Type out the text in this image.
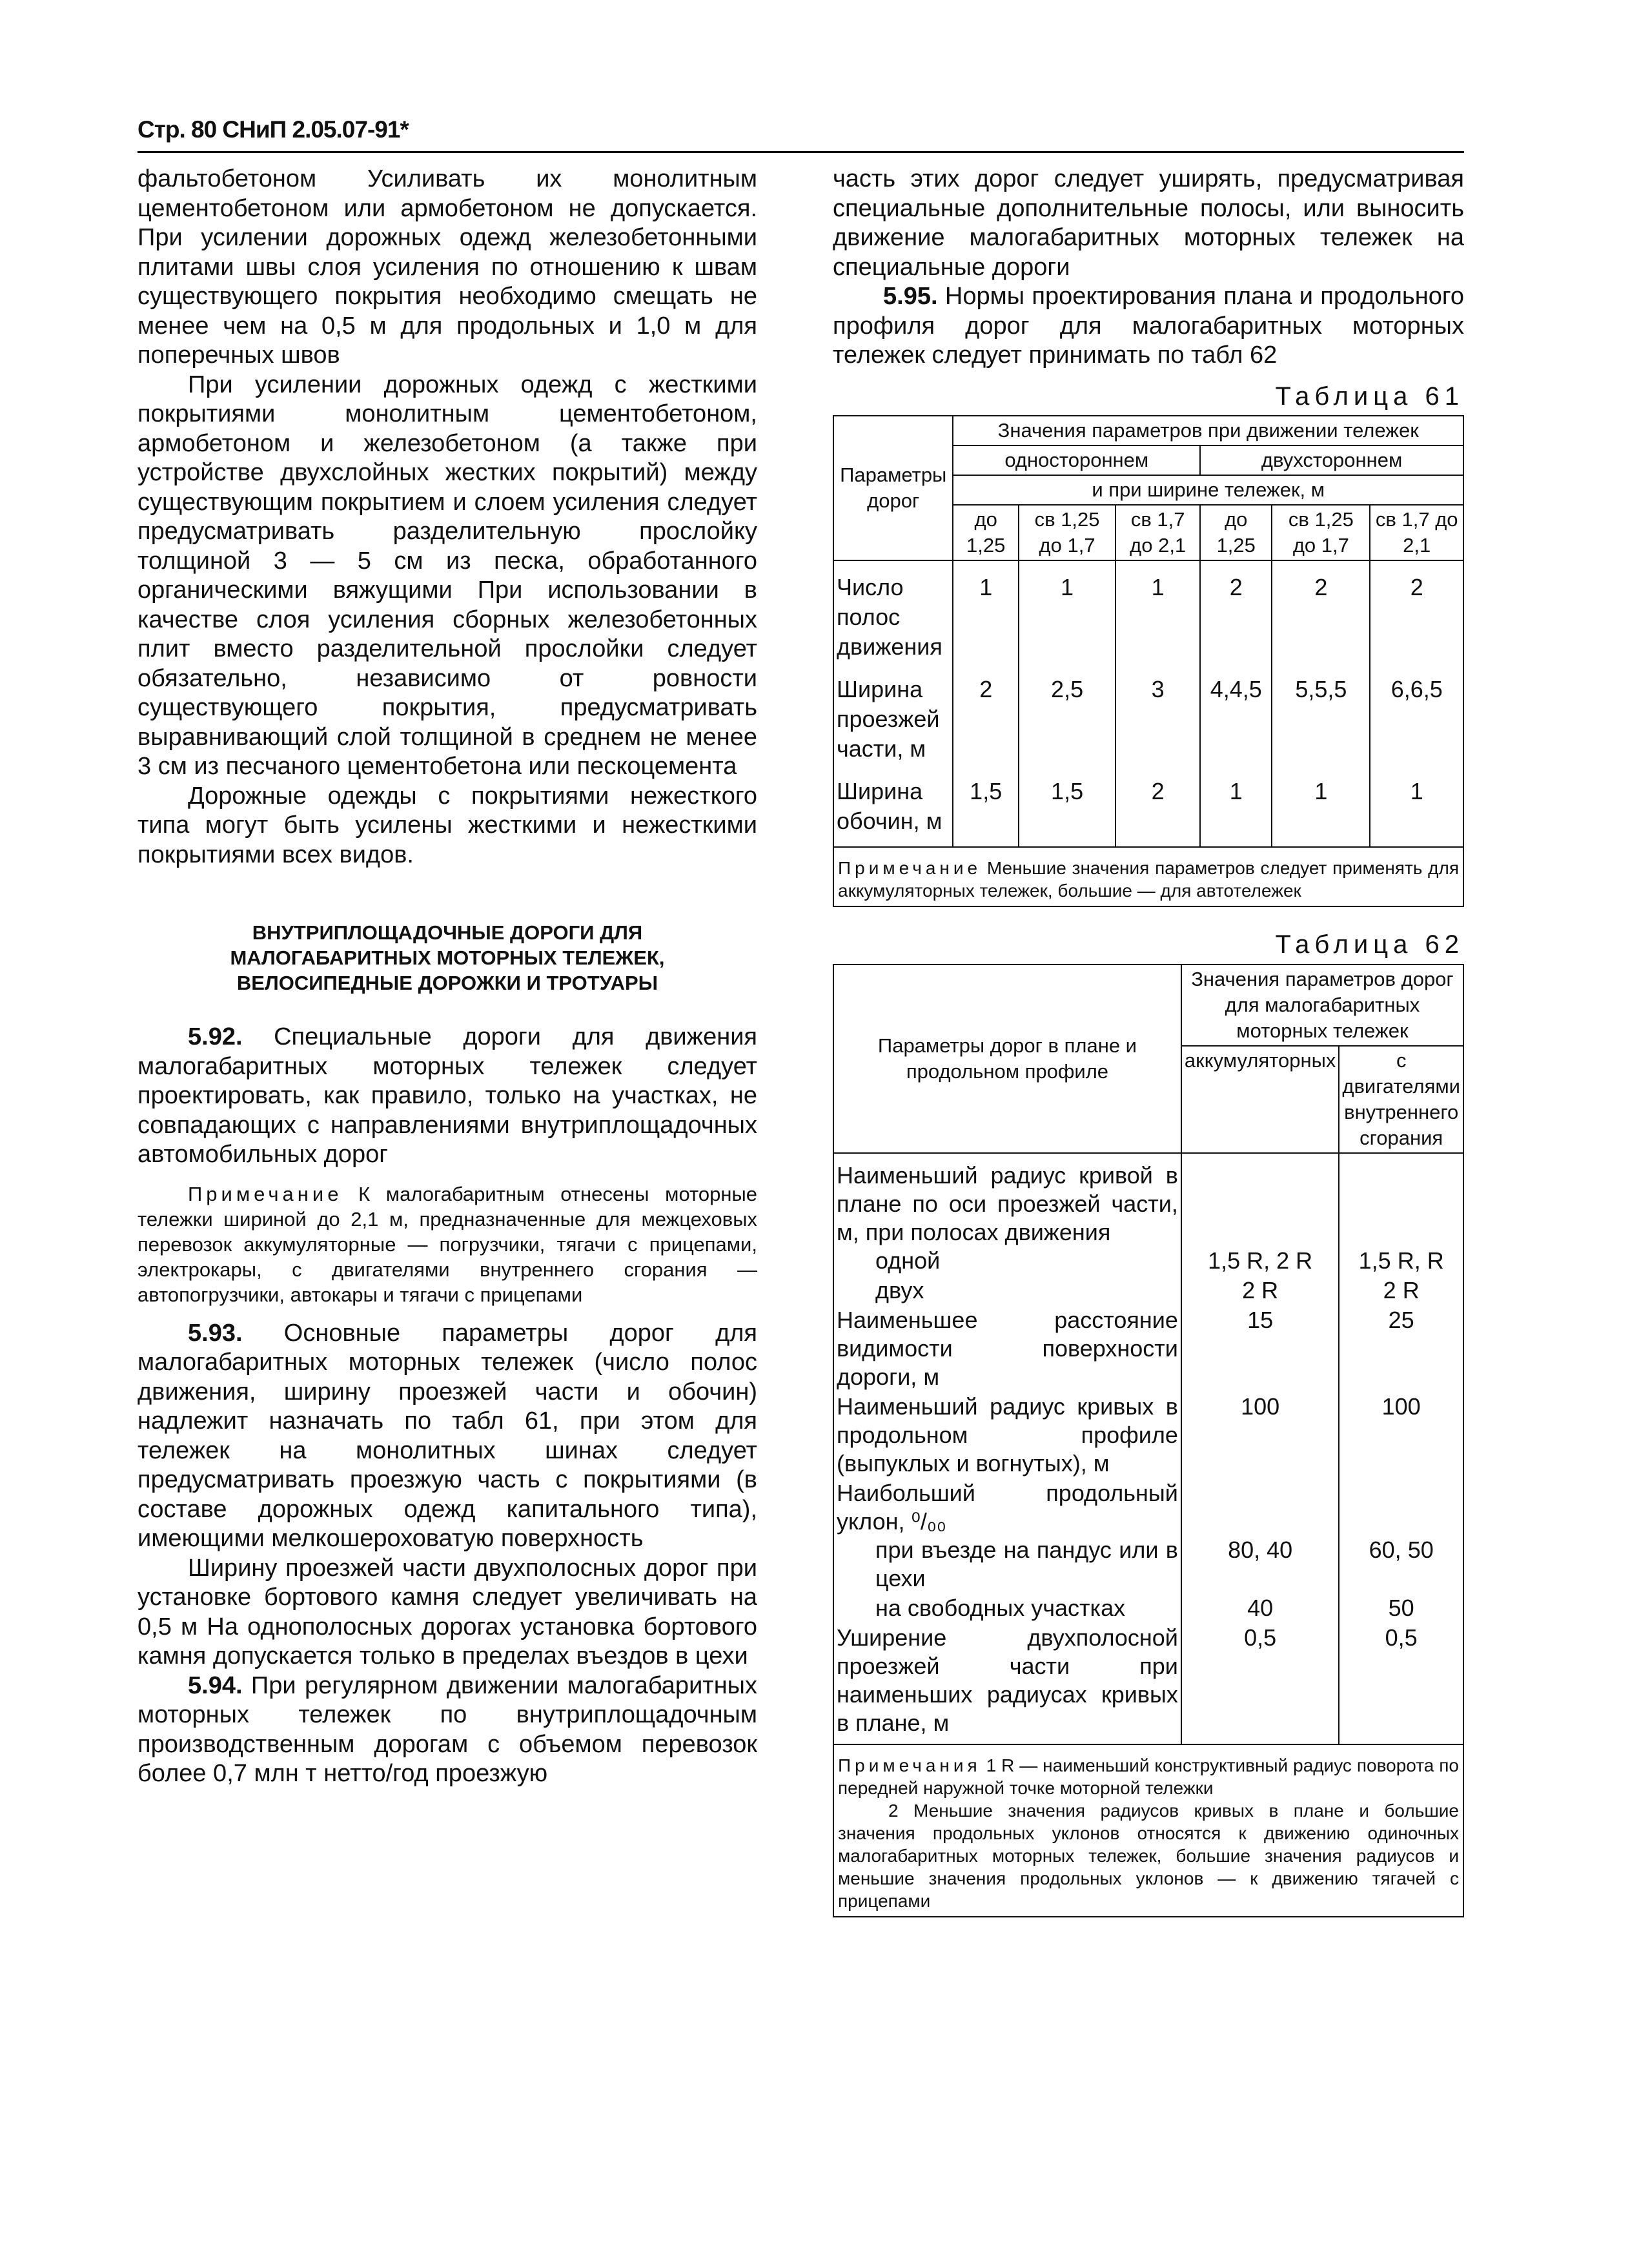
Стр. 80 СНиП 2.05.07-91*

фальтобетоном Усиливать их монолитным цементобетоном или армобетоном не допускается. При усилении дорожных одежд железобетонными плитами швы слоя усиления по отношению к швам существующего покрытия необходимо смещать не менее чем на 0,5 м для продольных и 1,0 м для поперечных швов

При усилении дорожных одежд с жесткими покрытиями монолитным цементобетоном, армобетоном и железобетоном (а также при устройстве двухслойных жестких покрытий) между существующим покрытием и слоем усиления следует предусматривать разделительную прослойку толщиной 3 — 5 см из песка, обработанного органическими вяжущими При использовании в качестве слоя усиления сборных железобетонных плит вместо разделительной прослойки следует обязательно, независимо от ровности существующего покрытия, предусматривать выравнивающий слой толщиной в среднем не менее 3 см из песчаного цементобетона или пескоцемента

Дорожные одежды с покрытиями нежесткого типа могут быть усилены жесткими и нежесткими покрытиями всех видов.

ВНУТРИПЛОЩАДОЧНЫЕ ДОРОГИ ДЛЯ МАЛОГАБАРИТНЫХ МОТОРНЫХ ТЕЛЕЖЕК, ВЕЛОСИПЕДНЫЕ ДОРОЖКИ И ТРОТУАРЫ

5.92. Специальные дороги для движения малогабаритных моторных тележек следует проектировать, как правило, только на участках, не совпадающих с направлениями внутриплощадочных автомобильных дорог

Примечание К малогабаритным отнесены моторные тележки шириной до 2,1 м, предназначенные для межцеховых перевозок аккумуляторные — погрузчики, тягачи с прицепами, электрокары, с двигателями внутреннего сгорания — автопогрузчики, автокары и тягачи с прицепами

5.93. Основные параметры дорог для малогабаритных моторных тележек (число полос движения, ширину проезжей части и обочин) надлежит назначать по табл 61, при этом для тележек на монолитных шинах следует предусматривать проезжую часть с покрытиями (в составе дорожных одежд капитального типа), имеющими мелкошероховатую поверхность

Ширину проезжей части двухполосных дорог при установке бортового камня следует увеличивать на 0,5 м На однополосных дорогах установка бортового камня допускается только в пределах въездов в цехи

5.94. При регулярном движении малогабаритных моторных тележек по внутриплощадочным производственным дорогам с объемом перевозок более 0,7 млн т нетто/год проезжую

часть этих дорог следует уширять, предусматривая специальные дополнительные полосы, или выносить движение малогабаритных моторных тележек на специальные дороги

5.95. Нормы проектирования плана и продольного профиля дорог для малогабаритных моторных тележек следует принимать по табл 62

Таблица 61
Параметры дорог	Значения параметров при движении тележек					
	одностороннем			двухстороннем		
	и при ширине тележек, м					
	до 1,25	св 1,25 до 1,7	св 1,7 до 2,1	до 1,25	св 1,25 до 1,7	св 1,7 до 2,1
Число полос движения	1	1	1	2	2	2
Ширина проезжей части, м	2	2,5	3	4,4,5	5,5,5	6,6,5
Ширина обочин, м	1,5	1,5	2	1	1	1
Примечание Меньшие значения параметров следует применять для аккумуляторных тележек, большие — для автотележек						
Таблица 62
Параметры дорог в плане и продольном профиле	Значения параметров дорог для малогабаритных моторных тележек	
	аккумуляторных	с двигателями внутреннего сгорания
Наименьший радиус кривой в плане по оси проезжей части, м, при полосах движения
одной	1,5 R, 2 R	1,5 R, R

двух	2 R	2 R
Наименьшее расстояние видимости поверхности дороги, м	15	25
Наименьший радиус кривых в продольном профиле (выпуклых и вогнутых), м	100	100
Наибольший продольный уклон, ⁰/₀₀
при въезде на пандус или в цехи	80, 40	60, 50

на свободных участках	40	50
Уширение двухполосной проезжей части при наименьших радиусах кривых в плане, м	0,5	0,5

Примечания 1 R — наименьший конструктивный радиус поворота по передней наружной точке моторной тележки
2 Меньшие значения радиусов кривых в плане и большие значения продольных уклонов относятся к движению одиночных малогабаритных моторных тележек, большие значения радиусов и меньшие значения продольных уклонов — к движению тягачей с прицепами		
